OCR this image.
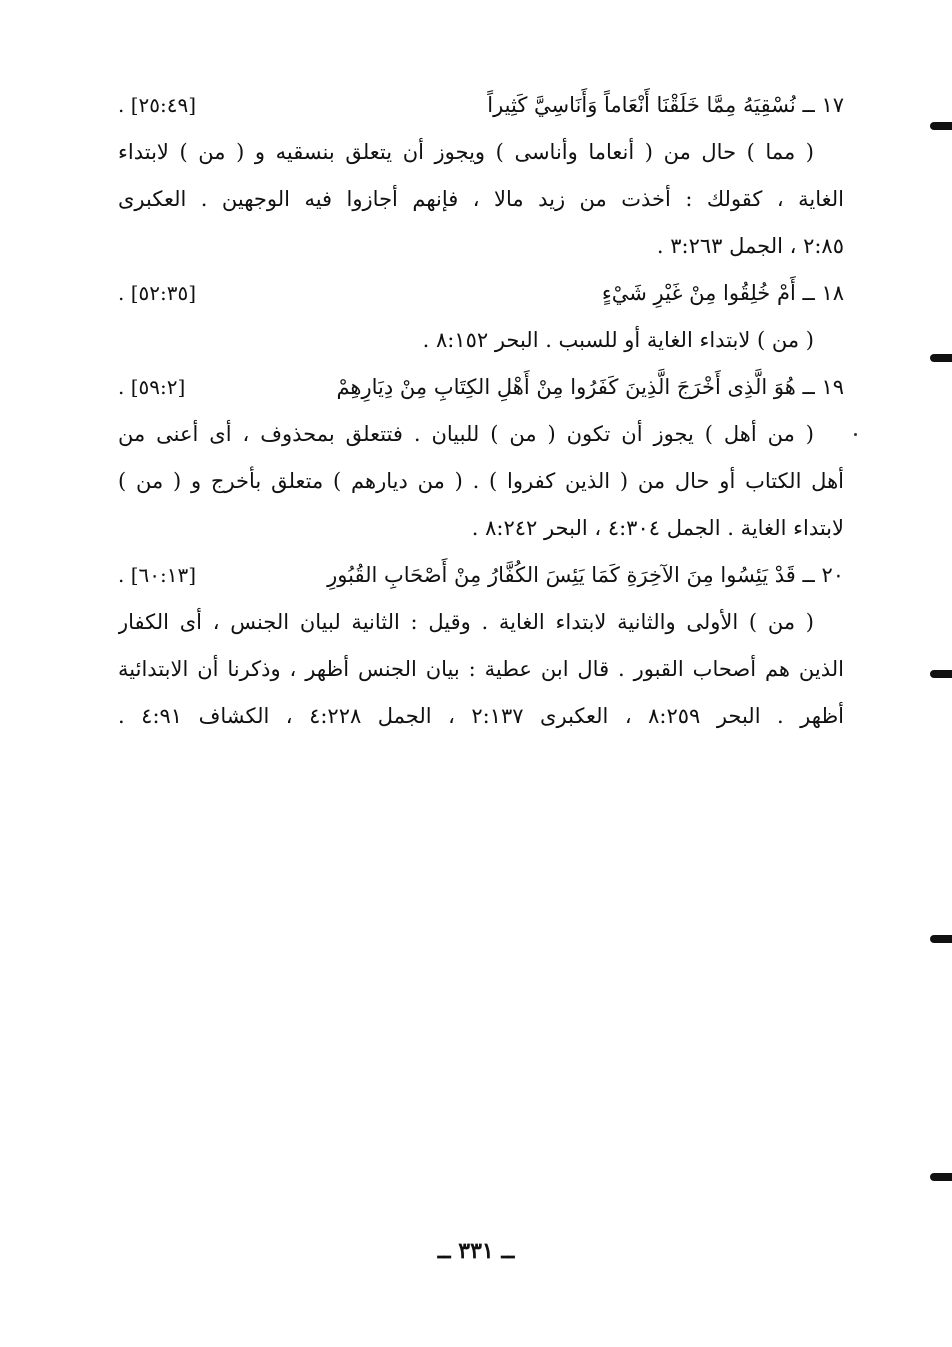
١٧ ــ نُسْقِيَهُ مِمَّا خَلَقْنَا أَنْعَاماً وَأَنَاسِيَّ كَثِيراً
[٢٥:٤٩] .
( مما ) حال من ( أنعاما وأناسى ) ويجوز أن يتعلق بنسقيه و ( من ) لابتداء
الغاية ، كقولك : أخذت من زيد مالا ، فإنهم أجازوا فيه الوجهين . العكبرى
٢:٨٥ ، الجمل ٣:٢٦٣ .
١٨ ــ أَمْ خُلِقُوا مِنْ غَيْرِ شَيْءٍ
[٥٢:٣٥] .
( من ) لابتداء الغاية أو للسبب . البحر ٨:١٥٢ .
١٩ ــ هُوَ الَّذِى أَخْرَجَ الَّذِينَ كَفَرُوا مِنْ أَهْلِ الكِتَابِ مِنْ دِيَارِهِمْ
[٥٩:٢] .
( من أهل ) يجوز أن تكون ( من ) للبيان . فتتعلق بمحذوف ، أى أعنى من
أهل الكتاب أو حال من ( الذين كفروا ) . ( من ديارهم ) متعلق بأخرج و ( من )
لابتداء الغاية . الجمل ٤:٣٠٤ ، البحر ٨:٢٤٢ .
٢٠ ــ قَدْ يَئِسُوا مِنَ الآخِرَةِ كَمَا يَئِسَ الكُفَّارُ مِنْ أَصْحَابِ القُبُورِ
[٦٠:١٣] .
( من ) الأولى والثانية لابتداء الغاية . وقيل : الثانية لبيان الجنس ، أى الكفار
الذين هم أصحاب القبور . قال ابن عطية : بيان الجنس أظهر ، وذكرنا أن الابتدائية
أظهر . البحر ٨:٢٥٩ ، العكبرى ٢:١٣٧ ، الجمل ٤:٢٢٨ ، الكشاف ٤:٩١ .
ــ ٣٣١ ــ
